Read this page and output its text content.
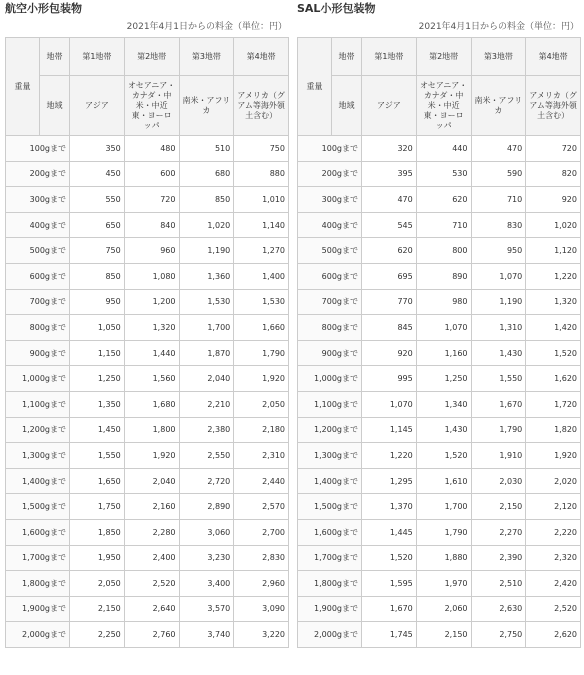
航空小形包装物
2021年4月1日からの料金（単位：円）
重量	地帯	第1地帯	第2地帯	第3地帯	第4地帯
	地域	アジア	オセアニア・カナダ・中米・中近東・ヨーロッパ	南米・アフリカ	アメリカ（グアム等海外領土含む）
100gまで		350	480	510	750
200gまで		450	600	680	880
300gまで		550	720	850	1,010
400gまで		650	840	1,020	1,140
500gまで		750	960	1,190	1,270
600gまで		850	1,080	1,360	1,400
700gまで		950	1,200	1,530	1,530
800gまで		1,050	1,320	1,700	1,660
900gまで		1,150	1,440	1,870	1,790
1,000gまで		1,250	1,560	2,040	1,920
1,100gまで		1,350	1,680	2,210	2,050
1,200gまで		1,450	1,800	2,380	2,180
1,300gまで		1,550	1,920	2,550	2,310
1,400gまで		1,650	2,040	2,720	2,440
1,500gまで		1,750	2,160	2,890	2,570
1,600gまで		1,850	2,280	3,060	2,700
1,700gまで		1,950	2,400	3,230	2,830
1,800gまで		2,050	2,520	3,400	2,960
1,900gまで		2,150	2,640	3,570	3,090
2,000gまで		2,250	2,760	3,740	3,220
SAL小形包装物
2021年4月1日からの料金（単位：円）
重量	地帯	第1地帯	第2地帯	第3地帯	第4地帯
	地域	アジア	オセアニア・カナダ・中米・中近東・ヨーロッパ	南米・アフリカ	アメリカ（グアム等海外領土含む）
100gまで		320	440	470	720
200gまで		395	530	590	820
300gまで		470	620	710	920
400gまで		545	710	830	1,020
500gまで		620	800	950	1,120
600gまで		695	890	1,070	1,220
700gまで		770	980	1,190	1,320
800gまで		845	1,070	1,310	1,420
900gまで		920	1,160	1,430	1,520
1,000gまで		995	1,250	1,550	1,620
1,100gまで		1,070	1,340	1,670	1,720
1,200gまで		1,145	1,430	1,790	1,820
1,300gまで		1,220	1,520	1,910	1,920
1,400gまで		1,295	1,610	2,030	2,020
1,500gまで		1,370	1,700	2,150	2,120
1,600gまで		1,445	1,790	2,270	2,220
1,700gまで		1,520	1,880	2,390	2,320
1,800gまで		1,595	1,970	2,510	2,420
1,900gまで		1,670	2,060	2,630	2,520
2,000gまで		1,745	2,150	2,750	2,620
